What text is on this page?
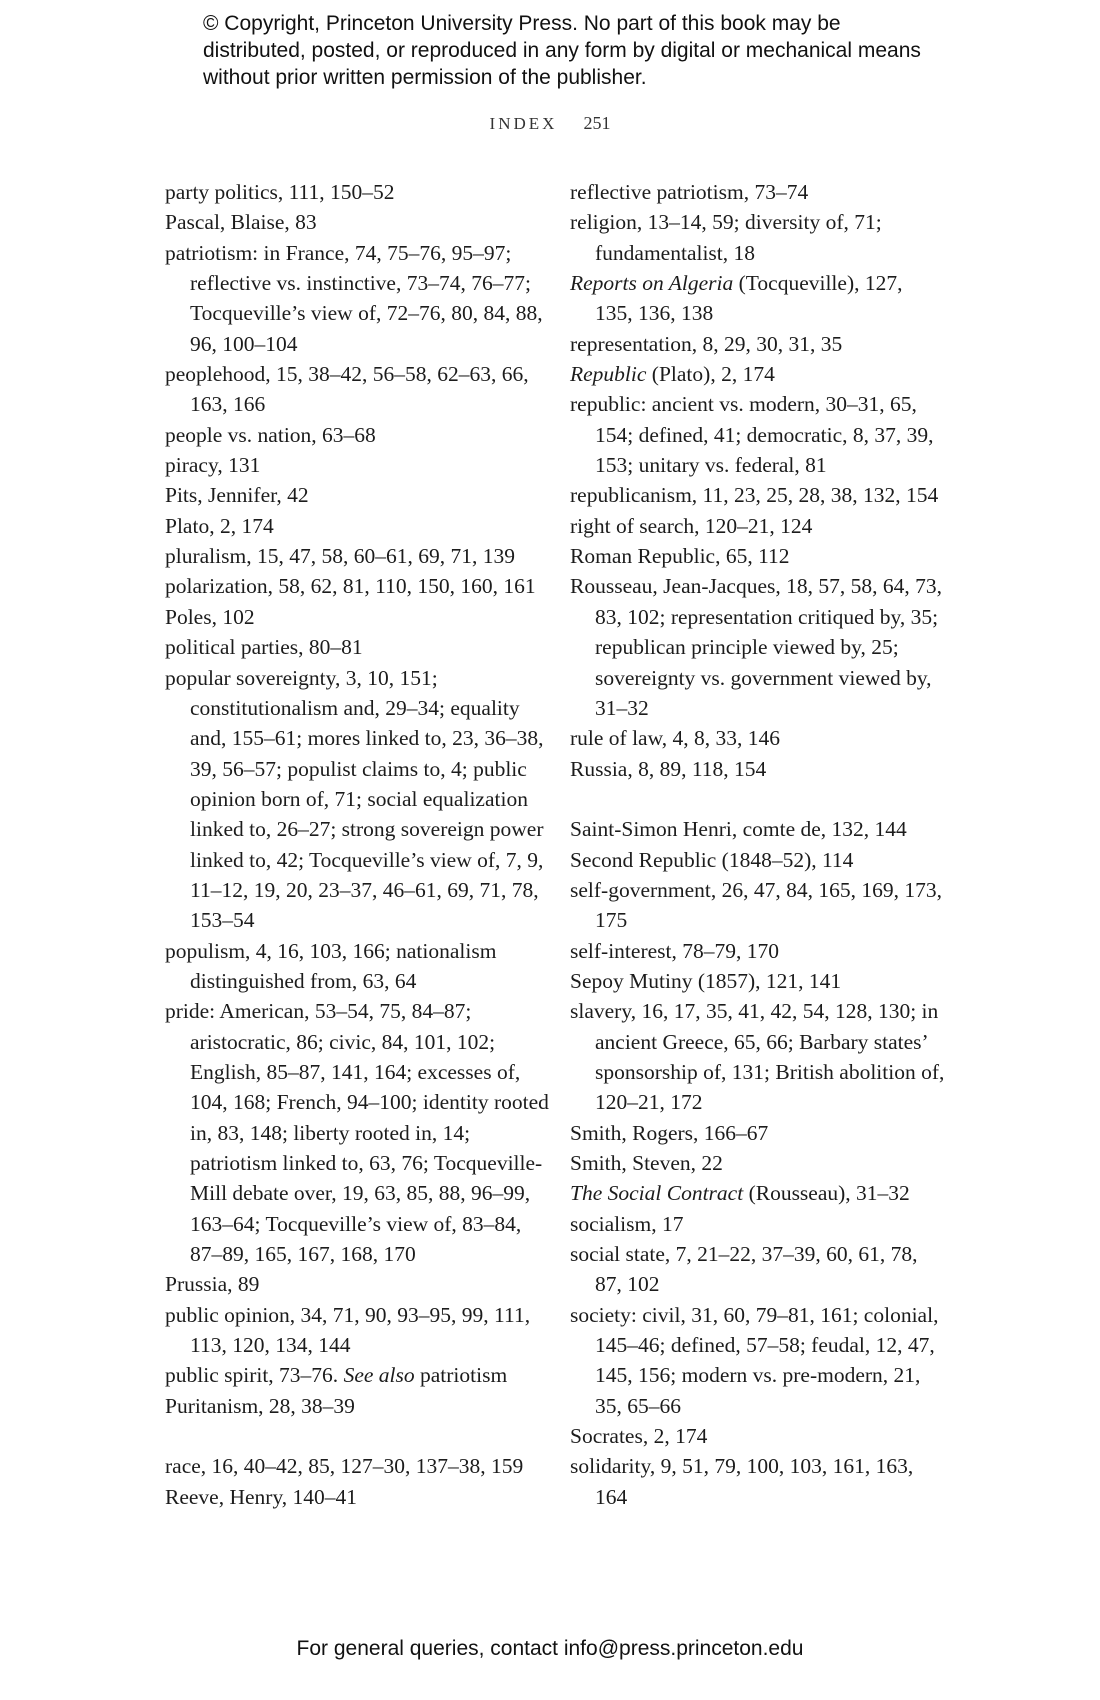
© Copyright, Princeton University Press. No part of this book may be distributed, posted, or reproduced in any form by digital or mechanical means without prior written permission of the publisher.
INDEX 251
party politics, 111, 150–52
Pascal, Blaise, 83
patriotism: in France, 74, 75–76, 95–97; reflective vs. instinctive, 73–74, 76–77; Tocqueville’s view of, 72–76, 80, 84, 88, 96, 100–104
peoplehood, 15, 38–42, 56–58, 62–63, 66, 163, 166
people vs. nation, 63–68
piracy, 131
Pits, Jennifer, 42
Plato, 2, 174
pluralism, 15, 47, 58, 60–61, 69, 71, 139
polarization, 58, 62, 81, 110, 150, 160, 161
Poles, 102
political parties, 80–81
popular sovereignty, 3, 10, 151; constitutionalism and, 29–34; equality and, 155–61; mores linked to, 23, 36–38, 39, 56–57; populist claims to, 4; public opinion born of, 71; social equalization linked to, 26–27; strong sovereign power linked to, 42; Tocqueville’s view of, 7, 9, 11–12, 19, 20, 23–37, 46–61, 69, 71, 78, 153–54
populism, 4, 16, 103, 166; nationalism distinguished from, 63, 64
pride: American, 53–54, 75, 84–87; aristocratic, 86; civic, 84, 101, 102; English, 85–87, 141, 164; excesses of, 104, 168; French, 94–100; identity rooted in, 83, 148; liberty rooted in, 14; patriotism linked to, 63, 76; Tocqueville-Mill debate over, 19, 63, 85, 88, 96–99, 163–64; Tocqueville’s view of, 83–84, 87–89, 165, 167, 168, 170
Prussia, 89
public opinion, 34, 71, 90, 93–95, 99, 111, 113, 120, 134, 144
public spirit, 73–76. See also patriotism
Puritanism, 28, 38–39
race, 16, 40–42, 85, 127–30, 137–38, 159
Reeve, Henry, 140–41
reflective patriotism, 73–74
religion, 13–14, 59; diversity of, 71; fundamentalist, 18
Reports on Algeria (Tocqueville), 127, 135, 136, 138
representation, 8, 29, 30, 31, 35
Republic (Plato), 2, 174
republic: ancient vs. modern, 30–31, 65, 154; defined, 41; democratic, 8, 37, 39, 153; unitary vs. federal, 81
republicanism, 11, 23, 25, 28, 38, 132, 154
right of search, 120–21, 124
Roman Republic, 65, 112
Rousseau, Jean-Jacques, 18, 57, 58, 64, 73, 83, 102; representation critiqued by, 35; republican principle viewed by, 25; sovereignty vs. government viewed by, 31–32
rule of law, 4, 8, 33, 146
Russia, 8, 89, 118, 154
Saint-Simon Henri, comte de, 132, 144
Second Republic (1848–52), 114
self-government, 26, 47, 84, 165, 169, 173, 175
self-interest, 78–79, 170
Sepoy Mutiny (1857), 121, 141
slavery, 16, 17, 35, 41, 42, 54, 128, 130; in ancient Greece, 65, 66; Barbary states’ sponsorship of, 131; British abolition of, 120–21, 172
Smith, Rogers, 166–67
Smith, Steven, 22
The Social Contract (Rousseau), 31–32
socialism, 17
social state, 7, 21–22, 37–39, 60, 61, 78, 87, 102
society: civil, 31, 60, 79–81, 161; colonial, 145–46; defined, 57–58; feudal, 12, 47, 145, 156; modern vs. pre-modern, 21, 35, 65–66
Socrates, 2, 174
solidarity, 9, 51, 79, 100, 103, 161, 163, 164
For general queries, contact info@press.princeton.edu
